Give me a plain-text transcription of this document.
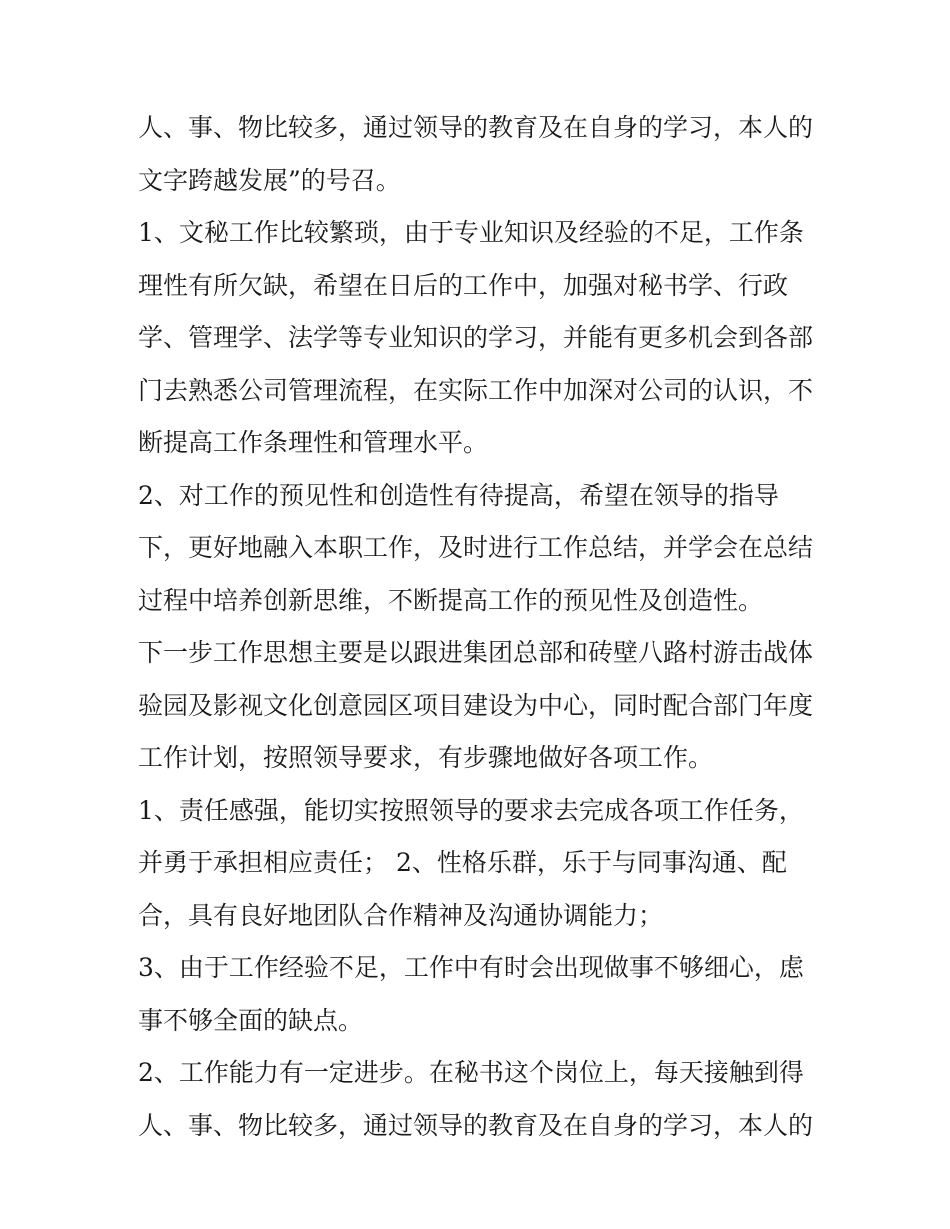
人、事、物比较多，通过领导的教育及在自身的学习，本人的
文字跨越发展”的号召。
1、文秘工作比较繁琐，由于专业知识及经验的不足，工作条
理性有所欠缺，希望在日后的工作中，加强对秘书学、行政
学、管理学、法学等专业知识的学习，并能有更多机会到各部
门去熟悉公司管理流程，在实际工作中加深对公司的认识，不
断提高工作条理性和管理水平。
2、对工作的预见性和创造性有待提高，希望在领导的指导
下，更好地融入本职工作，及时进行工作总结，并学会在总结
过程中培养创新思维，不断提高工作的预见性及创造性。
下一步工作思想主要是以跟进集团总部和砖壁八路村游击战体
验园及影视文化创意园区项目建设为中心，同时配合部门年度
工作计划，按照领导要求，有步骤地做好各项工作。
1、责任感强，能切实按照领导的要求去完成各项工作任务，
并勇于承担相应责任； 2、性格乐群，乐于与同事沟通、配
合，具有良好地团队合作精神及沟通协调能力；
3、由于工作经验不足，工作中有时会出现做事不够细心，虑
事不够全面的缺点。
2、工作能力有一定进步。在秘书这个岗位上，每天接触到得
人、事、物比较多，通过领导的教育及在自身的学习，本人的
